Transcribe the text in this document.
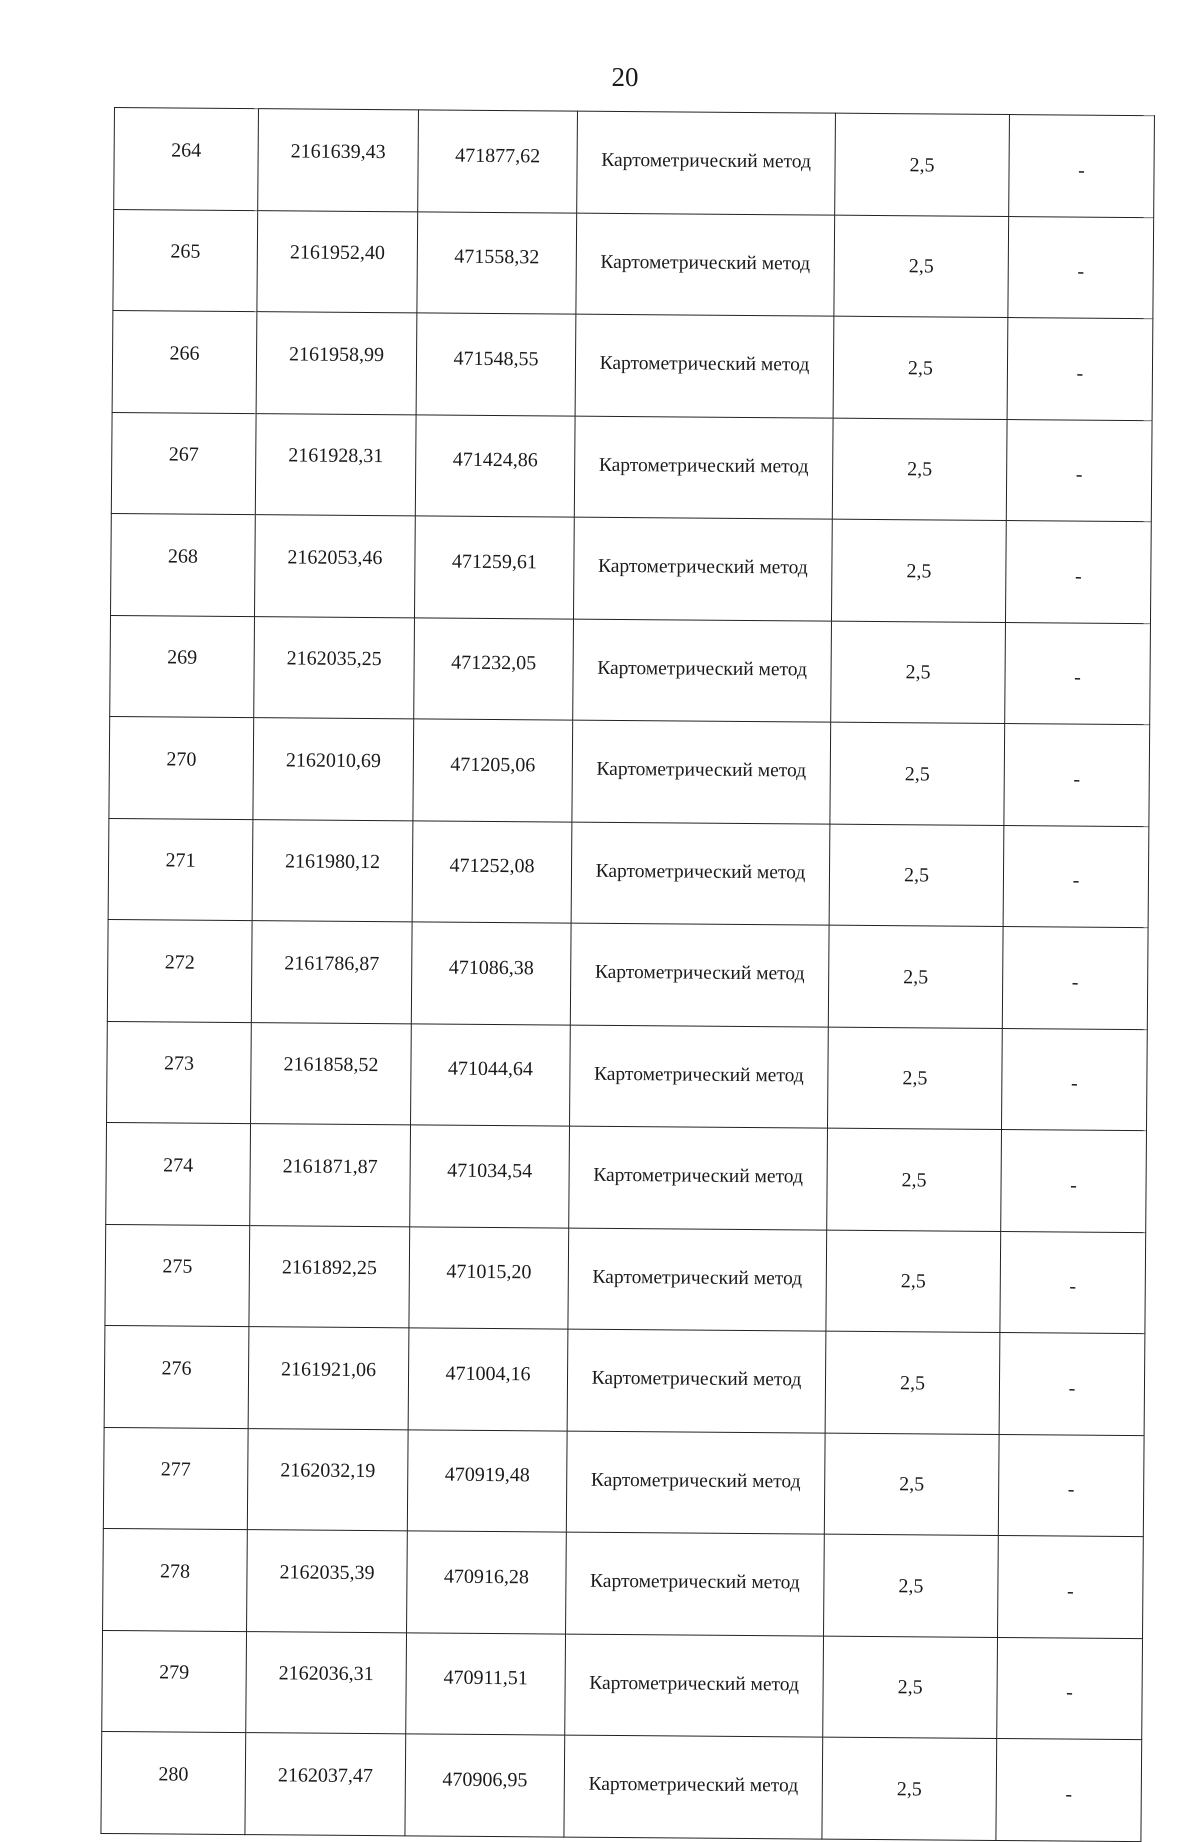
20
264	2161639,43	471877,62	Картометрический метод	2,5	-
265	2161952,40	471558,32	Картометрический метод	2,5	-
266	2161958,99	471548,55	Картометрический метод	2,5	-
267	2161928,31	471424,86	Картометрический метод	2,5	-
268	2162053,46	471259,61	Картометрический метод	2,5	-
269	2162035,25	471232,05	Картометрический метод	2,5	-
270	2162010,69	471205,06	Картометрический метод	2,5	-
271	2161980,12	471252,08	Картометрический метод	2,5	-
272	2161786,87	471086,38	Картометрический метод	2,5	-
273	2161858,52	471044,64	Картометрический метод	2,5	-
274	2161871,87	471034,54	Картометрический метод	2,5	-
275	2161892,25	471015,20	Картометрический метод	2,5	-
276	2161921,06	471004,16	Картометрический метод	2,5	-
277	2162032,19	470919,48	Картометрический метод	2,5	-
278	2162035,39	470916,28	Картометрический метод	2,5	-
279	2162036,31	470911,51	Картометрический метод	2,5	-
280	2162037,47	470906,95	Картометрический метод	2,5	-
